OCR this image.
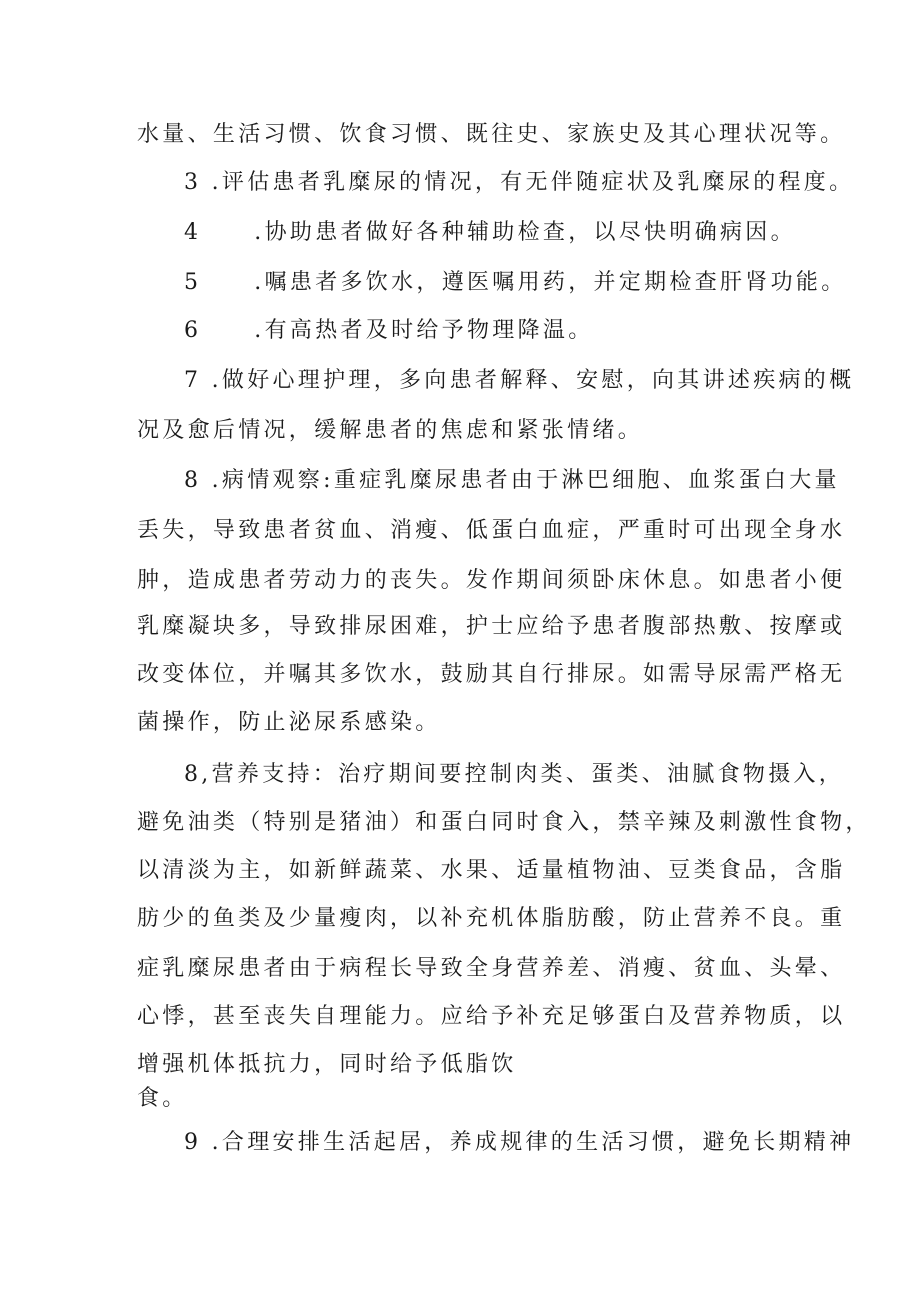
水量、生活习惯、饮食习惯、既往史、家族史及其心理状况等。
3 .评估患者乳糜尿的情况，有无伴随症状及乳糜尿的程度。
4 .协助患者做好各种辅助检查，以尽快明确病因。
5 .嘱患者多饮水，遵医嘱用药，并定期检查肝肾功能。
6 .有高热者及时给予物理降温。
7 .做好心理护理，多向患者解释、安慰，向其讲述疾病的概
况及愈后情况，缓解患者的焦虑和紧张情绪。
8 .病情观察:重症乳糜尿患者由于淋巴细胞、血浆蛋白大量
丢失，导致患者贫血、消瘦、低蛋白血症，严重时可出现全身水
肿，造成患者劳动力的丧失。发作期间须卧床休息。如患者小便
乳糜凝块多，导致排尿困难，护士应给予患者腹部热敷、按摩或
改变体位，并嘱其多饮水，鼓励其自行排尿。如需导尿需严格无
菌操作，防止泌尿系感染。
8,营养支持：治疗期间要控制肉类、蛋类、油腻食物摄入，
避免油类（特别是猪油）和蛋白同时食入，禁辛辣及刺激性食物，
以清淡为主，如新鲜蔬菜、水果、适量植物油、豆类食品，含脂
肪少的鱼类及少量瘦肉，以补充机体脂肪酸，防止营养不良。重
症乳糜尿患者由于病程长导致全身营养差、消瘦、贫血、头晕、
心悸，甚至丧失自理能力。应给予补充足够蛋白及营养物质，以
增强机体抵抗力，同时给予低脂饮
食。
9 .合理安排生活起居，养成规律的生活习惯，避免长期精神
